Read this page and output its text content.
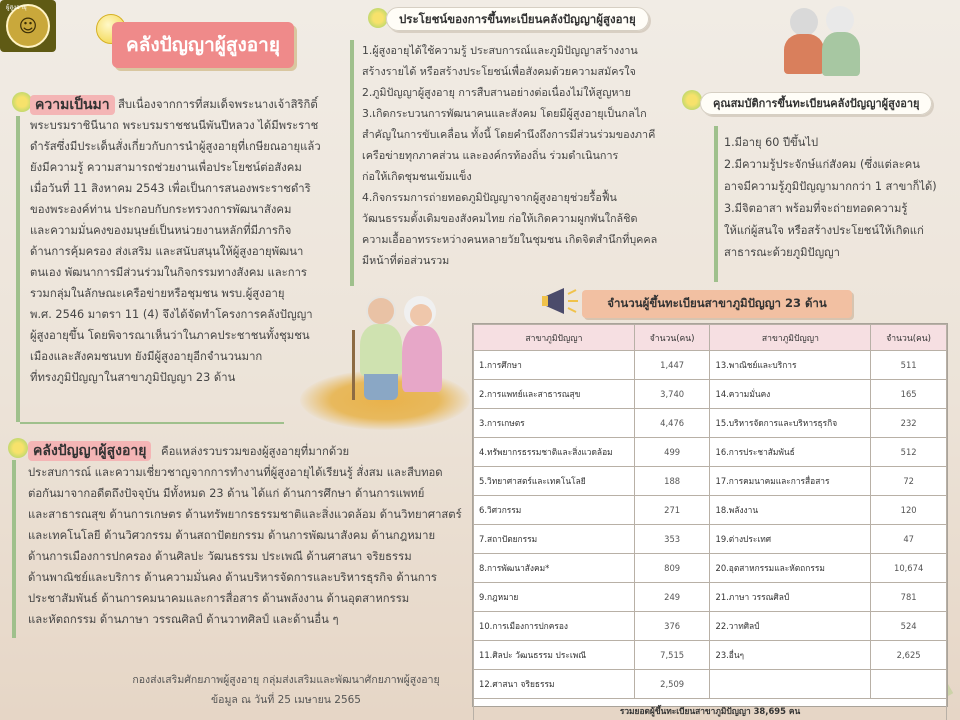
☺
ผู้สูงอายุ
คลังปัญญาผู้สูงอายุ
ความเป็นมา สืบเนื่องจากการที่สมเด็จพระนางเจ้าสิริกิติ์
พระบรมราชินีนาถ พระบรมราชชนนีพันปีหลวง ได้มีพระราช
ดำรัสซึ่งมีประเด็นสั่งเกี่ยวกับการนำผู้สูงอายุที่เกษียณอายุแล้ว
ยังมีความรู้ ความสามารถช่วยงานเพื่อประโยชน์ต่อสังคม
เมื่อวันที่ 11 สิงหาคม 2543 เพื่อเป็นการสนองพระราชดำริ
ของพระองค์ท่าน ประกอบกับกระทรวงการพัฒนาสังคม
และความมั่นคงของมนุษย์เป็นหน่วยงานหลักที่มีภารกิจ
ด้านการคุ้มครอง ส่งเสริม และสนับสนุนให้ผู้สูงอายุพัฒนา
ตนเอง พัฒนาการมีส่วนร่วมในกิจกรรมทางสังคม และการ
รวมกลุ่มในลักษณะเครือข่ายหรือชุมชน พรบ.ผู้สูงอายุ
พ.ศ. 2546 มาตรา 11 (4) จึงได้จัดทำโครงการคลังปัญญา
ผู้สูงอายุขึ้น โดยพิจารณาเห็นว่าในภาคประชาชนทั้งชุมชน
เมืองและสังคมชนบท ยังมีผู้สูงอายุอีกจำนวนมาก
ที่ทรงภูมิปัญญาในสาขาภูมิปัญญา 23 ด้าน
คลังปัญญาผู้สูงอายุ คือแหล่งรวบรวมของผู้สูงอายุที่มากด้วย
ประสบการณ์ และความเชี่ยวชาญจากการทำงานที่ผู้สูงอายุได้เรียนรู้ สั่งสม และสืบทอด
ต่อกันมาจากอดีตถึงปัจจุบัน มีทั้งหมด 23 ด้าน ได้แก่ ด้านการศึกษา ด้านการแพทย์
และสาธารณสุข ด้านการเกษตร ด้านทรัพยากรธรรมชาติและสิ่งแวดล้อม ด้านวิทยาศาสตร์
และเทคโนโลยี ด้านวิศวกรรม ด้านสถาปัตยกรรม ด้านการพัฒนาสังคม ด้านกฎหมาย
ด้านการเมืองการปกครอง ด้านศิลปะ วัฒนธรรม ประเพณี ด้านศาสนา จริยธรรม
ด้านพาณิชย์และบริการ ด้านความมั่นคง ด้านบริหารจัดการและบริหารธุรกิจ ด้านการ
ประชาสัมพันธ์ ด้านการคมนาคมและการสื่อสาร ด้านพลังงาน ด้านอุตสาหกรรม
และหัตถกรรม ด้านภาษา วรรณศิลป์ ด้านวาทศิลป์ และด้านอื่น ๆ
กองส่งเสริมศักยภาพผู้สูงอายุ กลุ่มส่งเสริมและพัฒนาศักยภาพผู้สูงอายุ
ข้อมูล ณ วันที่ 25 เมษายน 2565
ประโยชน์ของการขึ้นทะเบียนคลังปัญญาผู้สูงอายุ
1.ผู้สูงอายุได้ใช้ความรู้ ประสบการณ์และภูมิปัญญาสร้างงาน
สร้างรายได้ หรือสร้างประโยชน์เพื่อสังคมด้วยความสมัครใจ
2.ภูมิปัญญาผู้สูงอายุ การสืบสานอย่างต่อเนื่องไม่ให้สูญหาย
3.เกิดกระบวนการพัฒนาคนและสังคม โดยมีผู้สูงอายุเป็นกลไก
สำคัญในการขับเคลื่อน ทั้งนี้ โดยคำนึงถึงการมีส่วนร่วมของภาคี
เครือข่ายทุกภาคส่วน และองค์กรท้องถิ่น ร่วมดำเนินการ
ก่อให้เกิดชุมชนเข้มแข็ง
4.กิจกรรมการถ่ายทอดภูมิปัญญาจากผู้สูงอายุช่วยรื้อฟื้น
วัฒนธรรมดั้งเดิมของสังคมไทย ก่อให้เกิดความผูกพันใกล้ชิด
ความเอื้ออาทรระหว่างคนหลายวัยในชุมชน เกิดจิตสำนึกที่บุคคล
มีหน้าที่ต่อส่วนรวม
คุณสมบัติการขึ้นทะเบียนคลังปัญญาผู้สูงอายุ
1.มีอายุ 60 ปีขึ้นไป
2.มีความรู้ประจักษ์แก่สังคม (ซึ่งแต่ละคน
อาจมีความรู้ภูมิปัญญามากกว่า 1 สาขาก็ได้)
3.มีจิตอาสา พร้อมที่จะถ่ายทอดความรู้
ให้แก่ผู้สนใจ หรือสร้างประโยชน์ให้เกิดแก่
สาธารณะด้วยภูมิปัญญา
จำนวนผู้ขึ้นทะเบียนสาขาภูมิปัญญา 23 ด้าน
สาขาภูมิปัญญา	จำนวน(คน)	สาขาภูมิปัญญา	จำนวน(คน)
1.การศึกษา	1,447	13.พาณิชย์และบริการ	511
2.การแพทย์และสาธารณสุข	3,740	14.ความมั่นคง	165
3.การเกษตร	4,476	15.บริหารจัดการและบริหารธุรกิจ	232
4.ทรัพยากรธรรมชาติและสิ่งแวดล้อม	499	16.การประชาสัมพันธ์	512
5.วิทยาศาสตร์และเทคโนโลยี	188	17.การคมนาคมและการสื่อสาร	72
6.วิศวกรรม	271	18.พลังงาน	120
7.สถาปัตยกรรม	353	19.ต่างประเทศ	47
8.การพัฒนาสังคม*	809	20.อุตสาหกรรมและหัตถกรรม	10,674
9.กฎหมาย	249	21.ภาษา วรรณศิลป์	781
10.การเมืองการปกครอง	376	22.วาทศิลป์	524
11.ศิลปะ วัฒนธรรม ประเพณี	7,515	23.อื่นๆ	2,625
12.ศาสนา จริยธรรม	2,509		
รวมยอดผู้ขึ้นทะเบียนสาขาภูมิปัญญา 38,695 คน			
